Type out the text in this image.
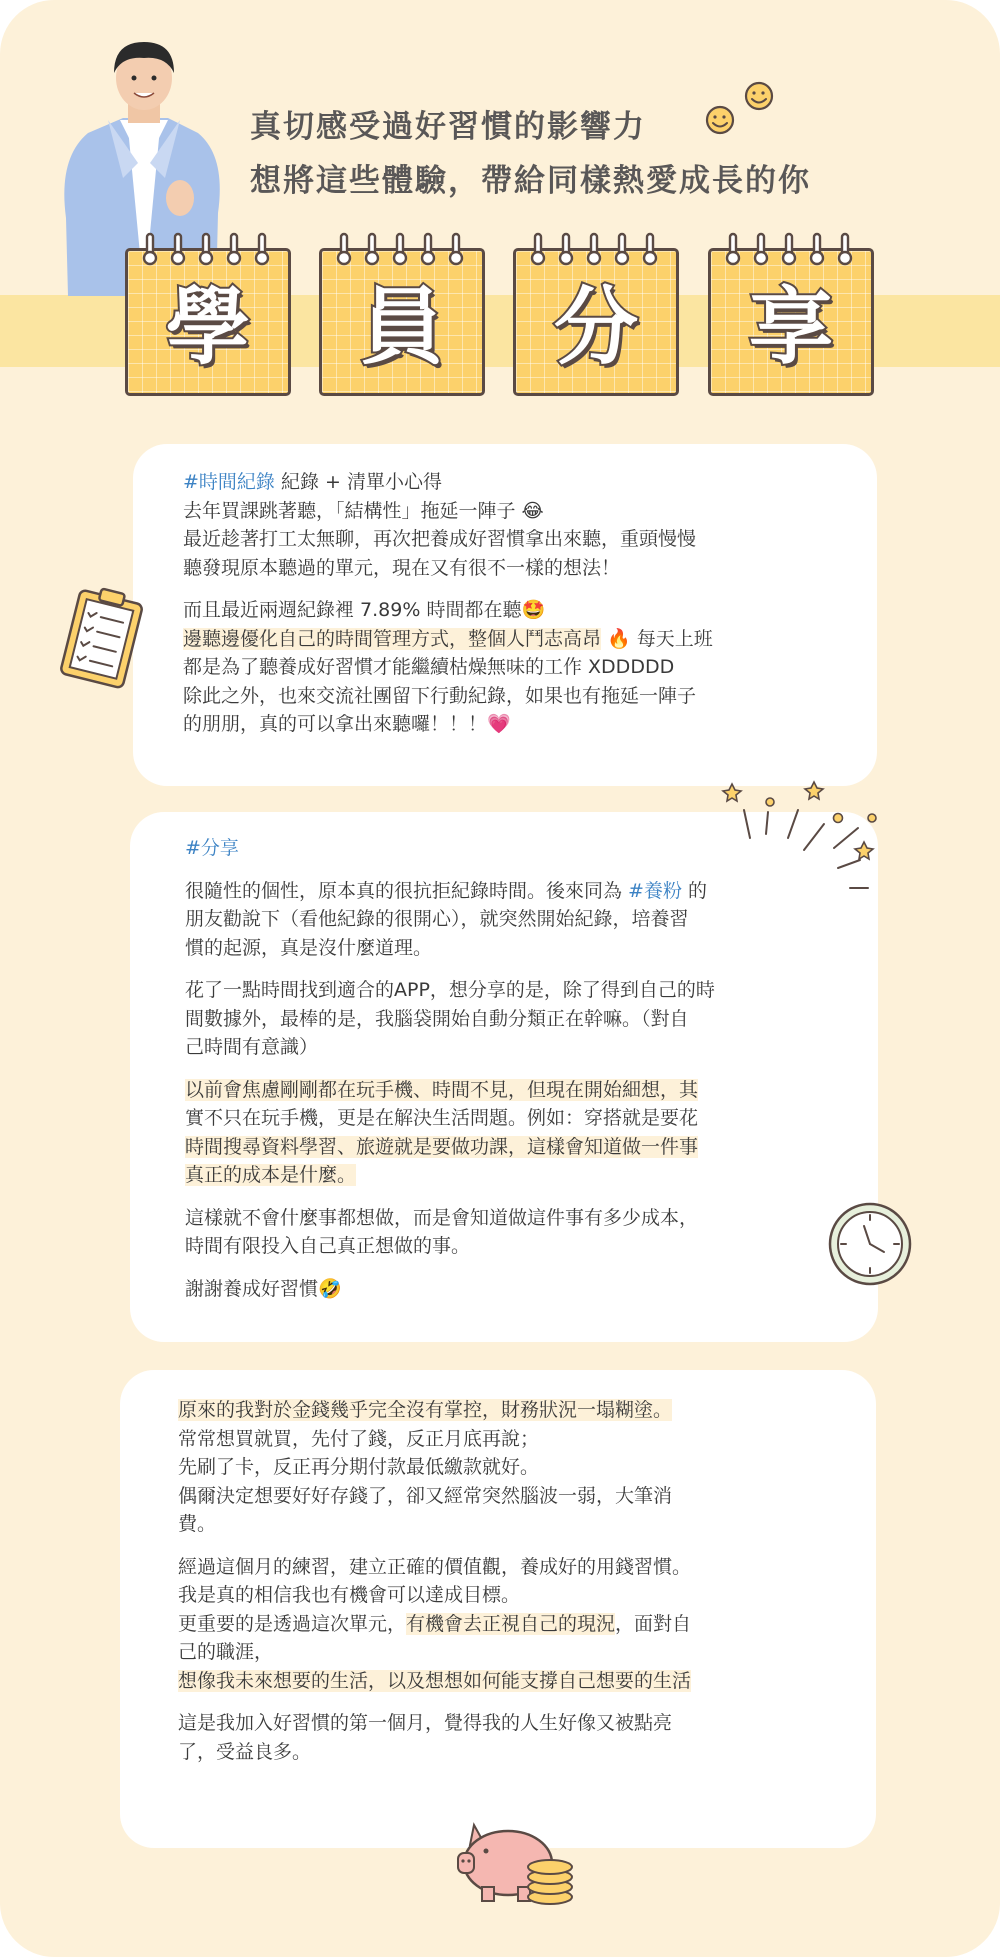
真切感受過好習慣的影響力
想將這些體驗，帶給同樣熱愛成長的你
學	員	分	享

#時間紀錄 紀錄 + 清單小心得

去年買課跳著聽，「結構性」拖延一陣子 😂

最近趁著打工太無聊，再次把養成好習慣拿出來聽，重頭慢慢

聽發現原本聽過的單元，現在又有很不一樣的想法！

而且最近兩週紀錄裡 7.89% 時間都在聽🤩

邊聽邊優化自己的時間管理方式，整個人鬥志高昂 🔥 每天上班

都是為了聽養成好習慣才能繼續枯燥無味的工作 XDDDDD

除此之外，也來交流社團留下行動紀錄，如果也有拖延一陣子

的朋朋，真的可以拿出來聽囉！！！💗

#分享

很隨性的個性，原本真的很抗拒紀錄時間。後來同為 #養粉 的

朋友勸說下（看他紀錄的很開心），就突然開始紀錄，培養習

慣的起源，真是沒什麼道理。

花了一點時間找到適合的APP，想分享的是，除了得到自己的時

間數據外，最棒的是，我腦袋開始自動分類正在幹嘛。（對自

己時間有意識）

以前會焦慮剛剛都在玩手機、時間不見，但現在開始細想，其

實不只在玩手機，更是在解決生活問題。例如：穿搭就是要花

時間搜尋資料學習、旅遊就是要做功課，這樣會知道做一件事

真正的成本是什麼。

這樣就不會什麼事都想做，而是會知道做這件事有多少成本，

時間有限投入自己真正想做的事。

謝謝養成好習慣🤣

原來的我對於金錢幾乎完全沒有掌控，財務狀況一塌糊塗。

常常想買就買，先付了錢，反正月底再說；

先刷了卡，反正再分期付款最低繳款就好。

偶爾決定想要好好存錢了，卻又經常突然腦波一弱，大筆消

費。

經過這個月的練習，建立正確的價值觀，養成好的用錢習慣。

我是真的相信我也有機會可以達成目標。

更重要的是透過這次單元，有機會去正視自己的現況，面對自

己的職涯，

想像我未來想要的生活，以及想想如何能支撐自己想要的生活

這是我加入好習慣的第一個月，覺得我的人生好像又被點亮

了，受益良多。
